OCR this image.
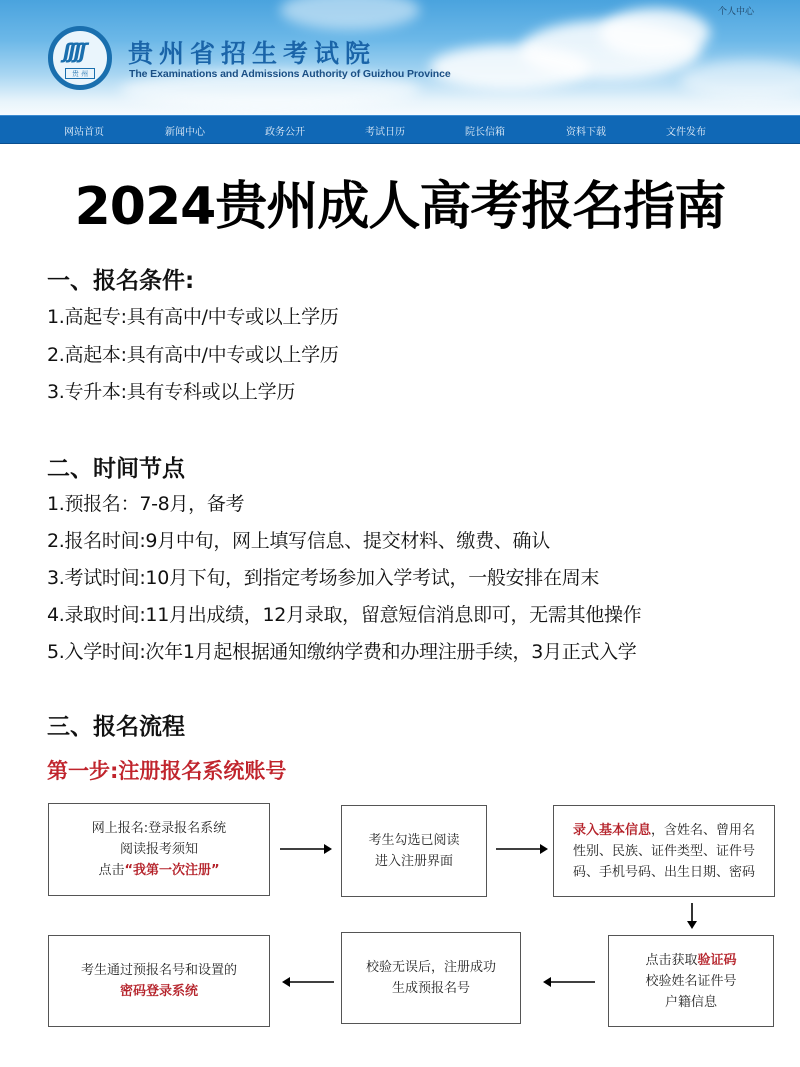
个人中心
ʃʃʃʃ
贵 州
贵州省招生考试院
The Examinations and Admissions Authority of Guizhou Province
网站首页	新闻中心	政务公开	考试日历	院长信箱	资料下载	文件发布
2024贵州成人高考报名指南
一、报名条件:
1.高起专:具有高中/中专或以上学历
2.高起本:具有高中/中专或以上学历
3.专升本:具有专科或以上学历
二、时间节点
1.预报名：7-8月，备考
2.报名时间:9月中旬，网上填写信息、提交材料、缴费、确认
3.考试时间:10月下旬，到指定考场参加入学考试，一般安排在周末
4.录取时间:11月出成绩，12月录取，留意短信消息即可，无需其他操作
5.入学时间:次年1月起根据通知缴纳学费和办理注册手续，3月正式入学
三、报名流程
第一步:注册报名系统账号
网上报名:登录报名系统
阅读报考须知
点击“我第一次注册”
考生勾选已阅读
进入注册界面
录入基本信息，含姓名、曾用名
性别、民族、证件类型、证件号
码、手机号码、出生日期、密码
点击获取验证码
校验姓名证件号
户籍信息
校验无误后，注册成功
生成预报名号
考生通过预报名号和设置的
密码登录系统
